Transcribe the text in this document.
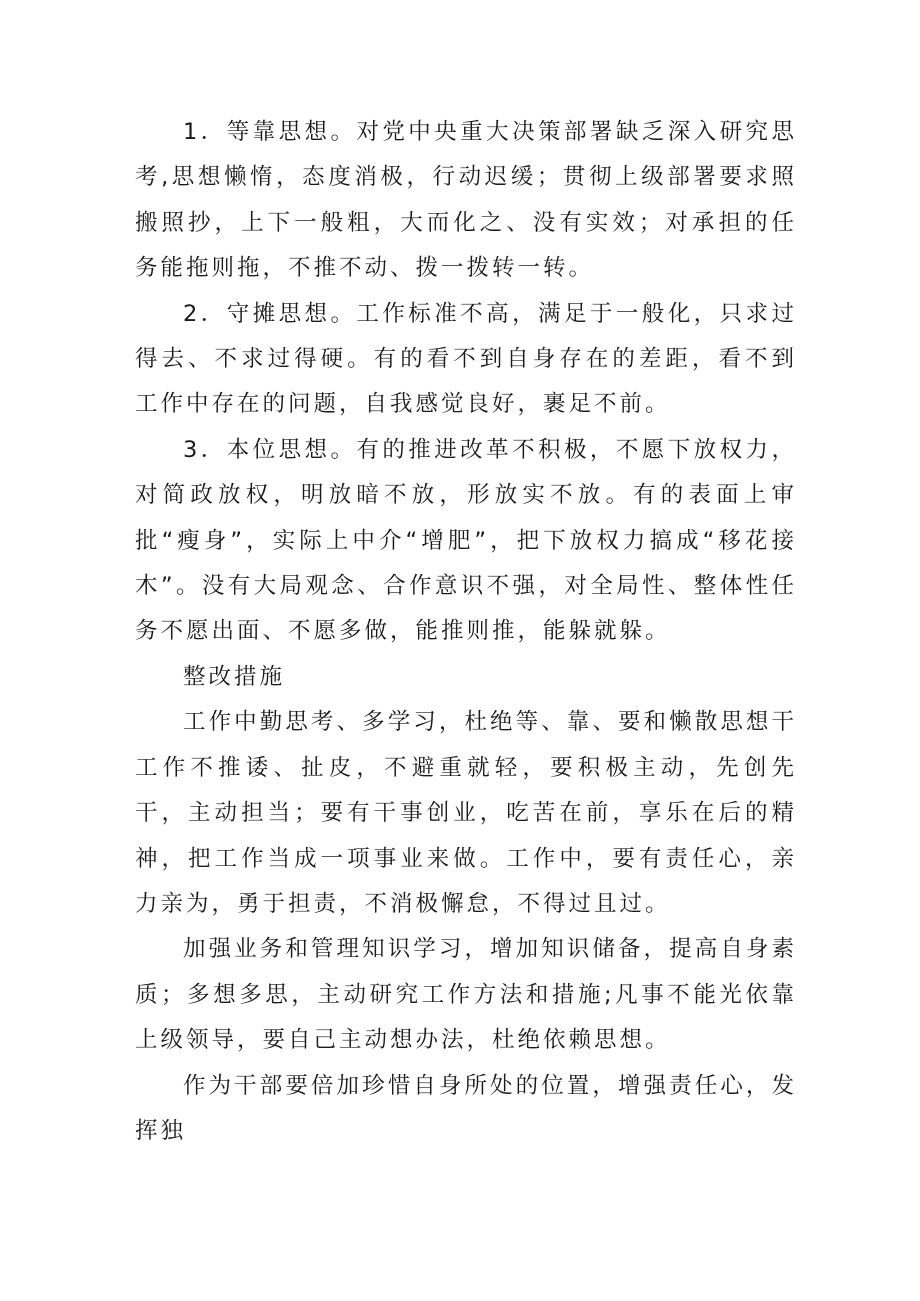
1．等靠思想。对党中央重大决策部署缺乏深入研究思考,思想懒惰，态度消极，行动迟缓；贯彻上级部署要求照搬照抄，上下一般粗，大而化之、没有实效；对承担的任务能拖则拖，不推不动、拨一拨转一转。

2．守摊思想。工作标准不高，满足于一般化，只求过得去、不求过得硬。有的看不到自身存在的差距，看不到工作中存在的问题，自我感觉良好，裹足不前。

3．本位思想。有的推进改革不积极，不愿下放权力，对简政放权，明放暗不放，形放实不放。有的表面上审批“瘦身”，实际上中介“增肥”，把下放权力搞成“移花接木”。没有大局观念、合作意识不强，对全局性、整体性任务不愿出面、不愿多做，能推则推，能躲就躲。

整改措施

工作中勤思考、多学习，杜绝等、靠、要和懒散思想干工作不推诿、扯皮，不避重就轻，要积极主动，先创先干，主动担当；要有干事创业，吃苦在前，享乐在后的精神，把工作当成一项事业来做。工作中，要有责任心，亲力亲为，勇于担责，不消极懈怠，不得过且过。

加强业务和管理知识学习，增加知识储备，提高自身素质；多想多思，主动研究工作方法和措施;凡事不能光依靠上级领导，要自己主动想办法，杜绝依赖思想。

作为干部要倍加珍惜自身所处的位置，增强责任心，发挥独
